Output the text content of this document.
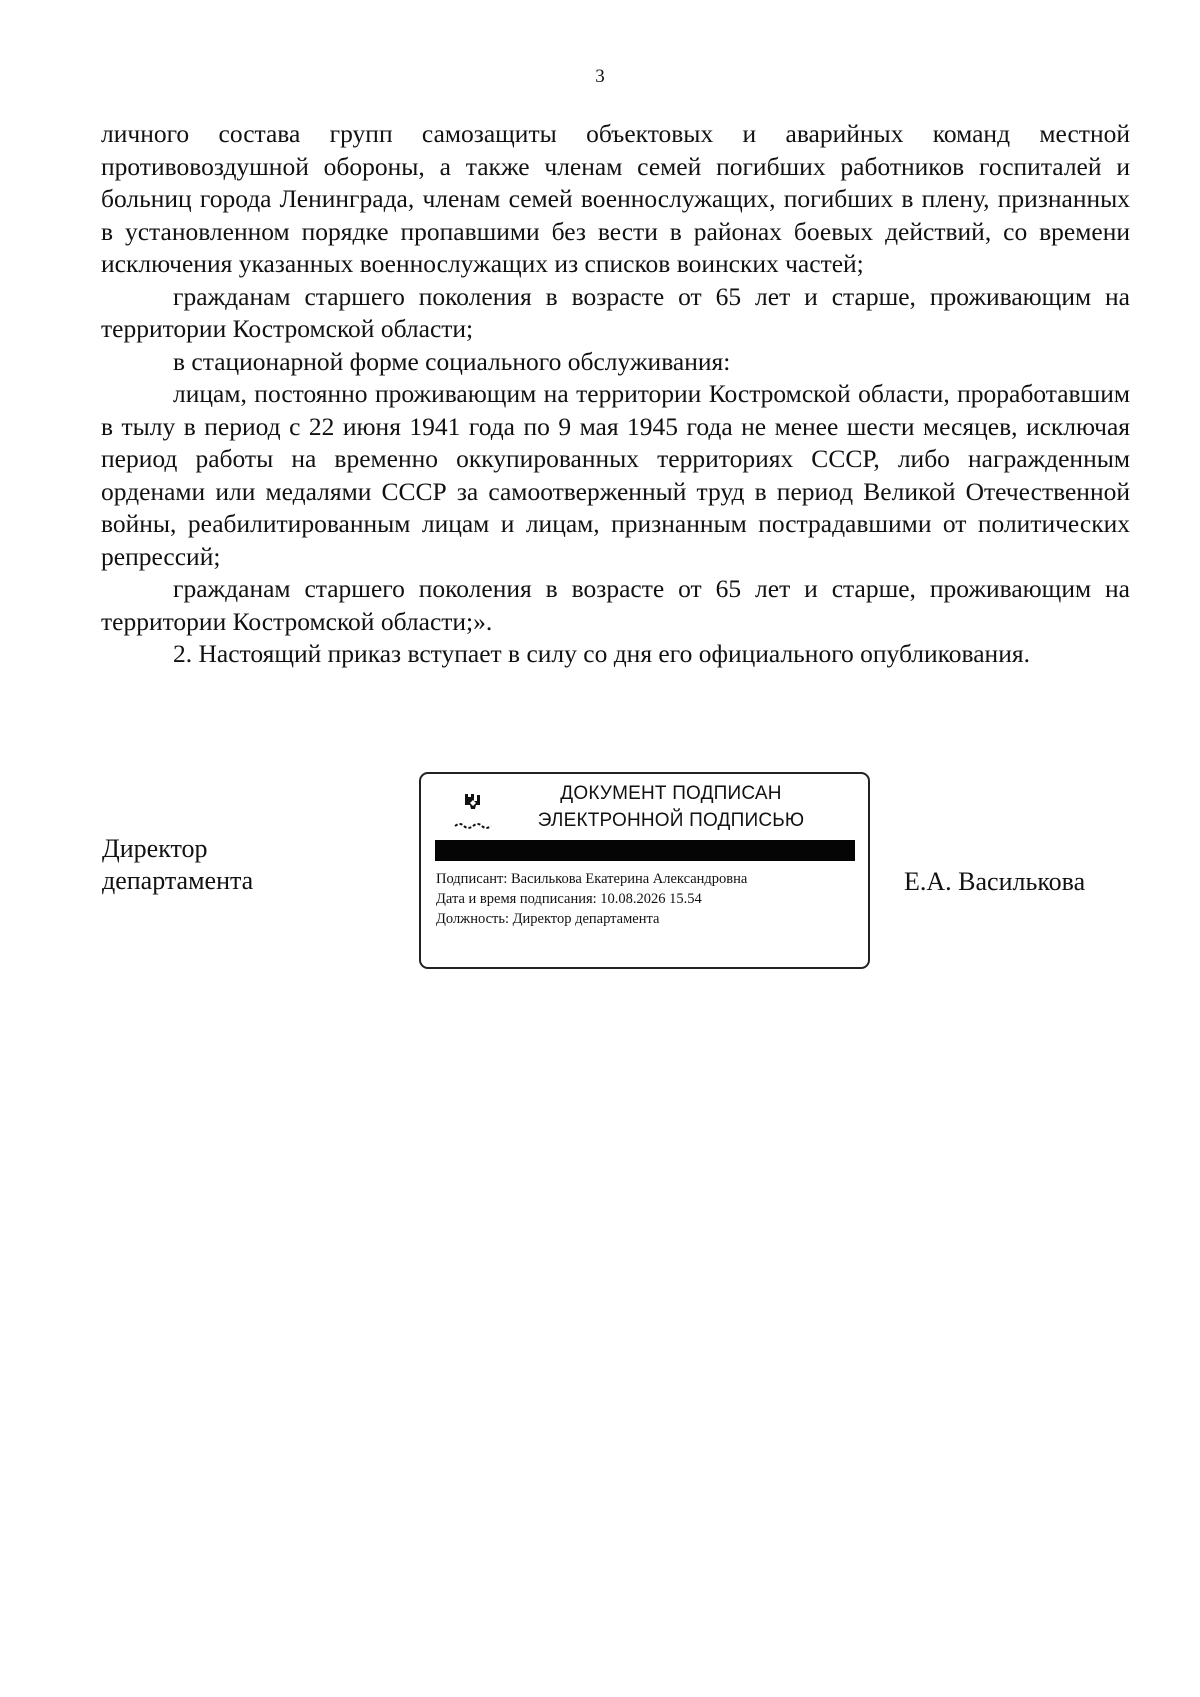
3

личного состава групп самозащиты объектовых и аварийных команд местной противовоздушной обороны, а также членам семей погибших работников госпиталей и больниц города Ленинграда, членам семей военнослужащих, погибших в плену, признанных в установленном порядке пропавшими без вести в районах боевых действий, со времени исключения указанных военнослужащих из списков воинских частей;

гражданам старшего поколения в возрасте от 65 лет и старше, проживающим на территории Костромской области;

в стационарной форме социального обслуживания:

лицам, постоянно проживающим на территории Костромской области, проработавшим в тылу в период с 22 июня 1941 года по 9 мая 1945 года не менее шести месяцев, исключая период работы на временно оккупированных территориях СССР, либо награжденным орденами или медалями СССР за самоотверженный труд в период Великой Отечественной войны, реабилитированным лицам и лицам, признанным пострадавшими от политических репрессий;

гражданам старшего поколения в возрасте от 65 лет и старше, проживающим на территории Костромской области;».

2. Настоящий приказ вступает в силу со дня его официального опубликования.

Директор
департамента
ДОКУМЕНТ ПОДПИСАН
ЭЛЕКТРОННОЙ ПОДПИСЬЮ
Подписант: Василькова Екатерина Александровна
Дата и время подписания: 10.08.2026 15.54
Должность: Директор департамента
Е.А. Василькова
